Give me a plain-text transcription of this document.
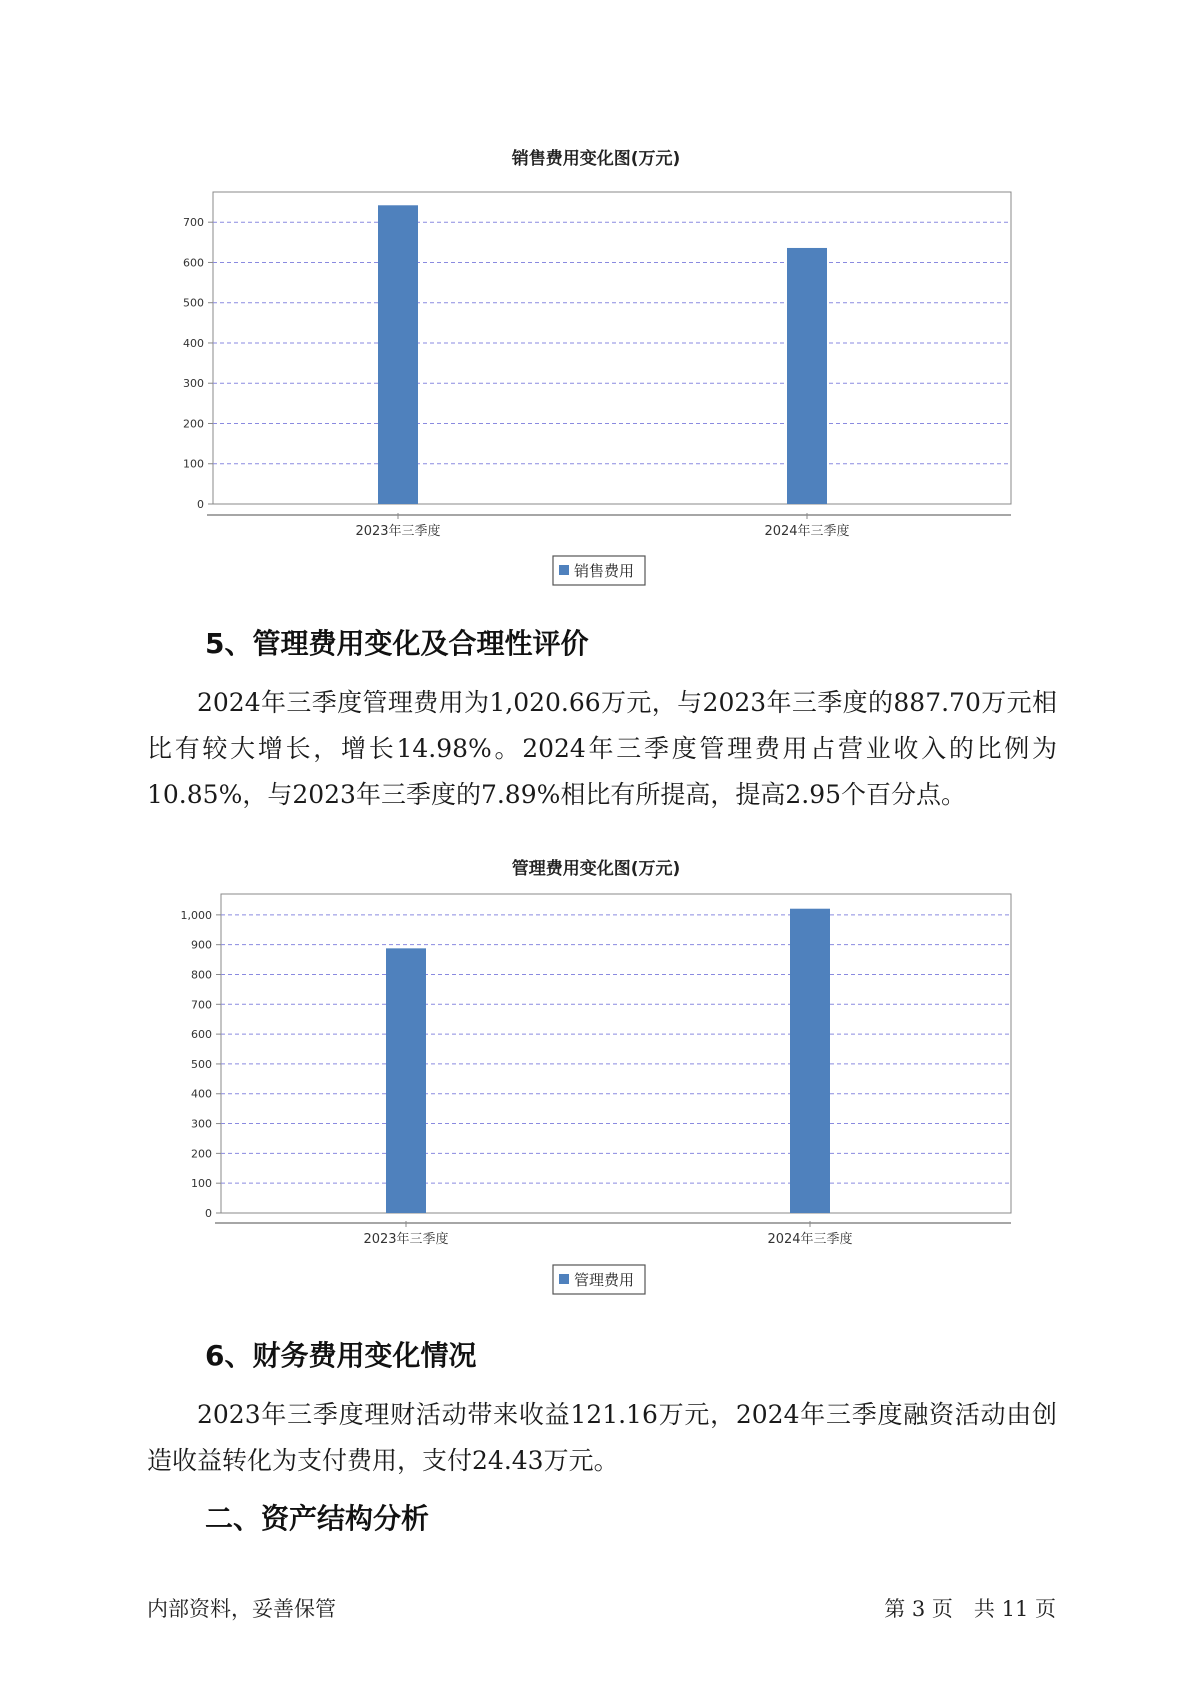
销售费用变化图(万元)
0
100
200
300
400
500
600
700
2023年三季度	2024年三季度
销售费用
5、管理费用变化及合理性评价

2024年三季度管理费用为1,020.66万元，与2023年三季度的887.70万元相比有较大增长，增长14.98%。2024年三季度管理费用占营业收入的比例为10.85%，与2023年三季度的7.89%相比有所提高，提高2.95个百分点。

管理费用变化图(万元)
0
100
200
300
400
500
600
700
800
900
1,000
2023年三季度	2024年三季度
管理费用
6、财务费用变化情况

2023年三季度理财活动带来收益121.16万元，2024年三季度融资活动由创造收益转化为支付费用，支付24.43万元。

二、资产结构分析
内部资料，妥善保管	第 3 页　共 11 页
